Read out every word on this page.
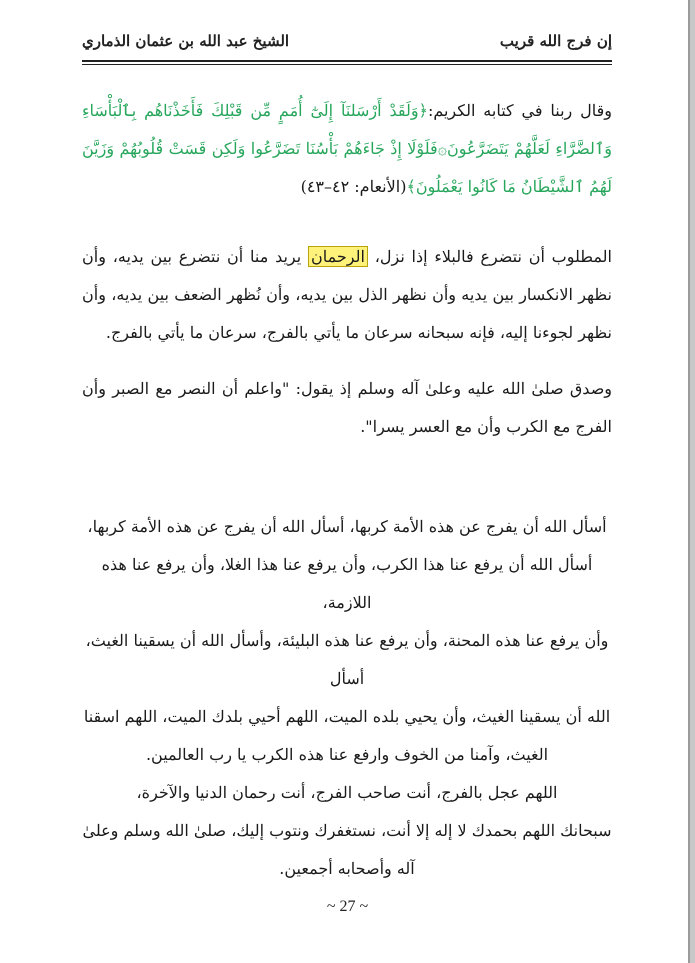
إن فرج الله قريب
الشيخ عبد الله بن عثمان الذماري
وقال ربنا في كتابه الكريم:﴿وَلَقَدْ أَرْسَلنَآ إِلَىٰٓ أُمَمٍ مِّن قَبْلِكَ فَأَخَذْنَاهُم بِٱلْبَأْسَاءِ وَٱلضَّرَّاءِ لَعَلَّهُمْ يَتَضَرَّعُونَ۞فَلَوْلَا إِذْ جَاءَهُمْ بَأْسُنَا تَضَرَّعُوا وَلَكِن قَسَتْ قُلُوبُهُمْ وَزَيَّنَ لَهُمُ ٱلشَّيْطَانُ مَا كَانُوا يَعْمَلُونَ﴾(الأنعام: ٤٢–٤٣)
المطلوب أن نتضرع فالبلاء إذا نزل، الرحمان يريد منا أن نتضرع بين يديه، وأن نظهر الانكسار بين يديه وأن نظهر الذل بين يديه، وأن نُظهر الضعف بين يديه، وأن نظهر لجوءنا إليه، فإنه سبحانه سرعان ما يأتي بالفرج، سرعان ما يأتي بالفرج.
وصدق صلىٰ الله عليه وعلىٰ آله وسلم إذ يقول: "واعلم أن النصر مع الصبر وأن الفرج مع الكرب وأن مع العسر يسرا".
أسأل الله أن يفرج عن هذه الأمة كربها، أسأل الله أن يفرج عن هذه الأمة كربها،
أسأل الله أن يرفع عنا هذا الكرب، وأن يرفع عنا هذا الغلا، وأن يرفع عنا هذه اللازمة،
وأن يرفع عنا هذه المحنة، وأن يرفع عنا هذه البليئة، وأسأل الله أن يسقينا الغيث، أسأل
الله أن يسقينا الغيث، وأن يحيي بلده الميت، اللهم أحيي بلدك الميت، اللهم اسقنا
الغيث، وآمنا من الخوف وارفع عنا هذه الكرب يا رب العالمين.
اللهم عجل بالفرج، أنت صاحب الفرج، أنت رحمان الدنيا والآخرة،
سبحانك اللهم بحمدك لا إله إلا أنت، نستغفرك ونتوب إليك، صلىٰ الله وسلم وعلىٰ
آله وأصحابه أجمعين.
~ 27 ~
